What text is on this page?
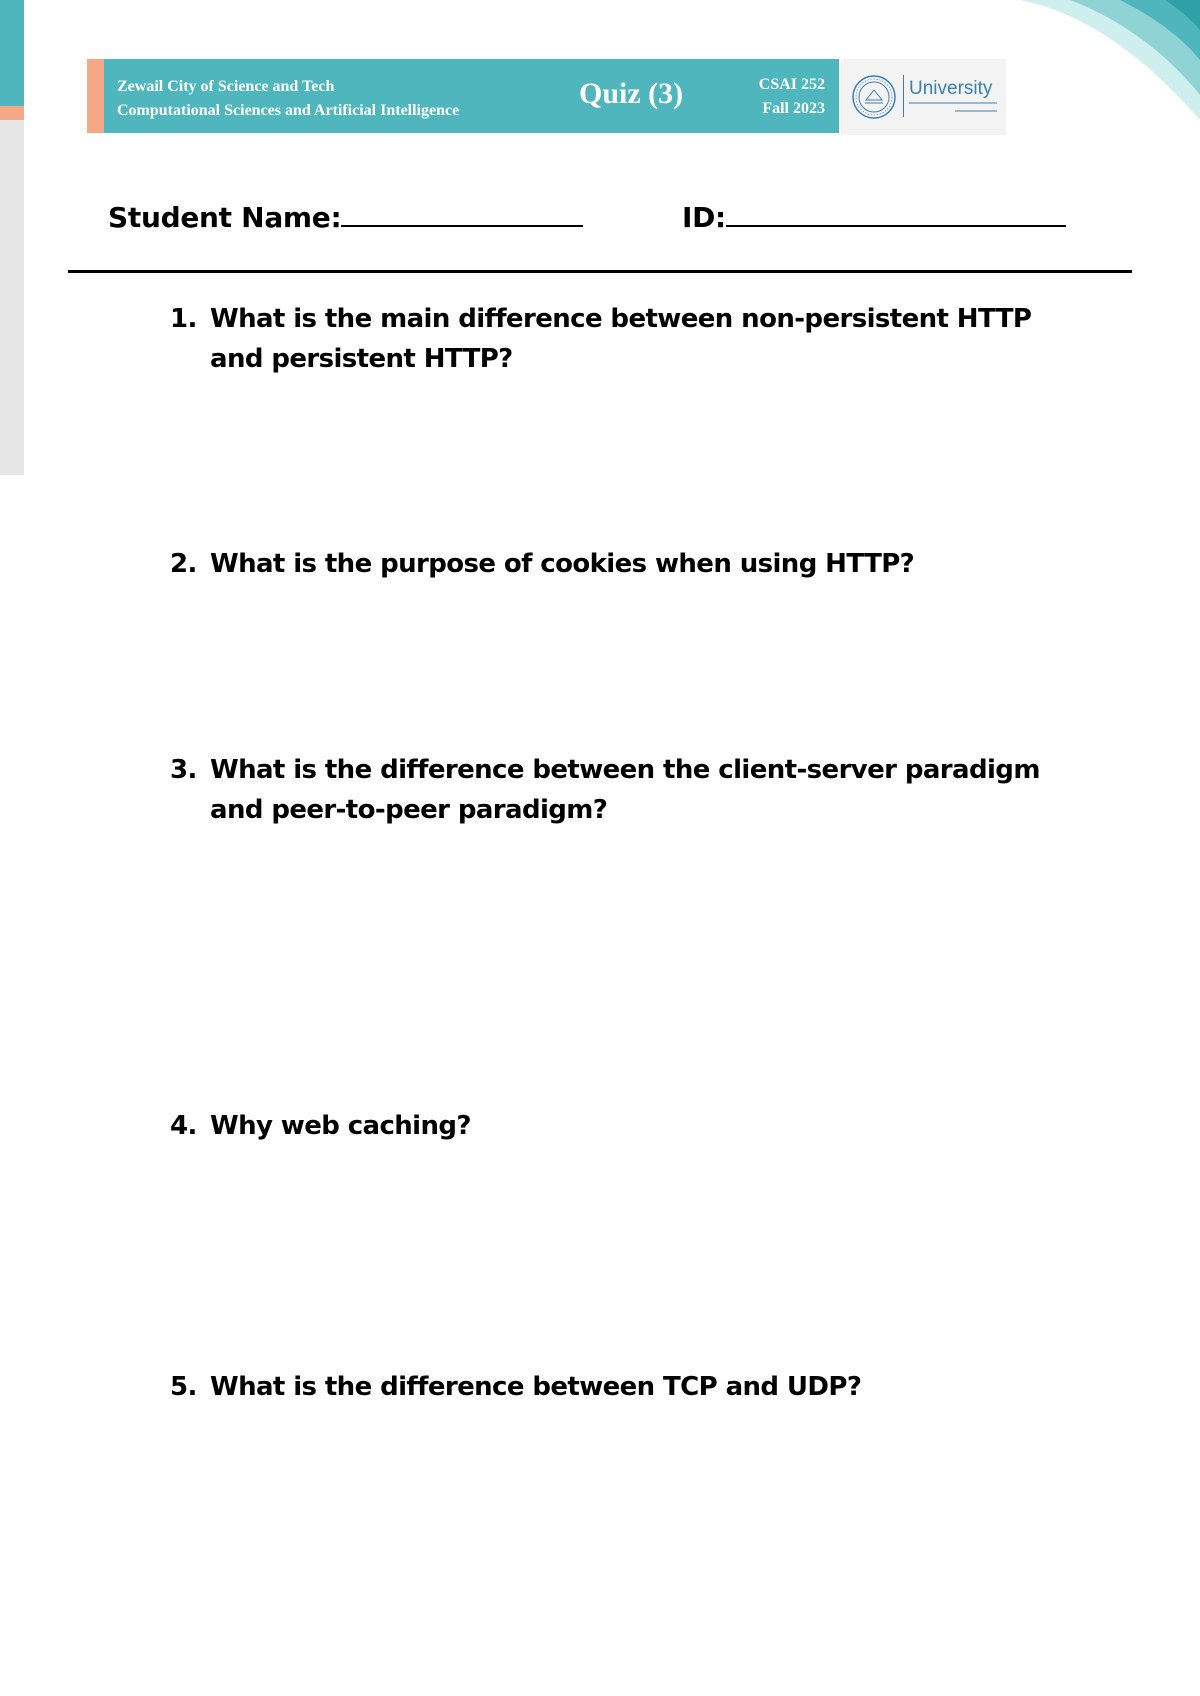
Zewail City of Science and Tech
Computational Sciences and Artificial Intelligence
Quiz (3)	CSAI 252
Fall 2023
University
Student Name:	ID:
1. What is the main difference between non-persistent HTTP and persistent HTTP?
2. What is the purpose of cookies when using HTTP?
3. What is the difference between the client-server paradigm and peer-to-peer paradigm?
4. Why web caching?
5. What is the difference between TCP and UDP?
